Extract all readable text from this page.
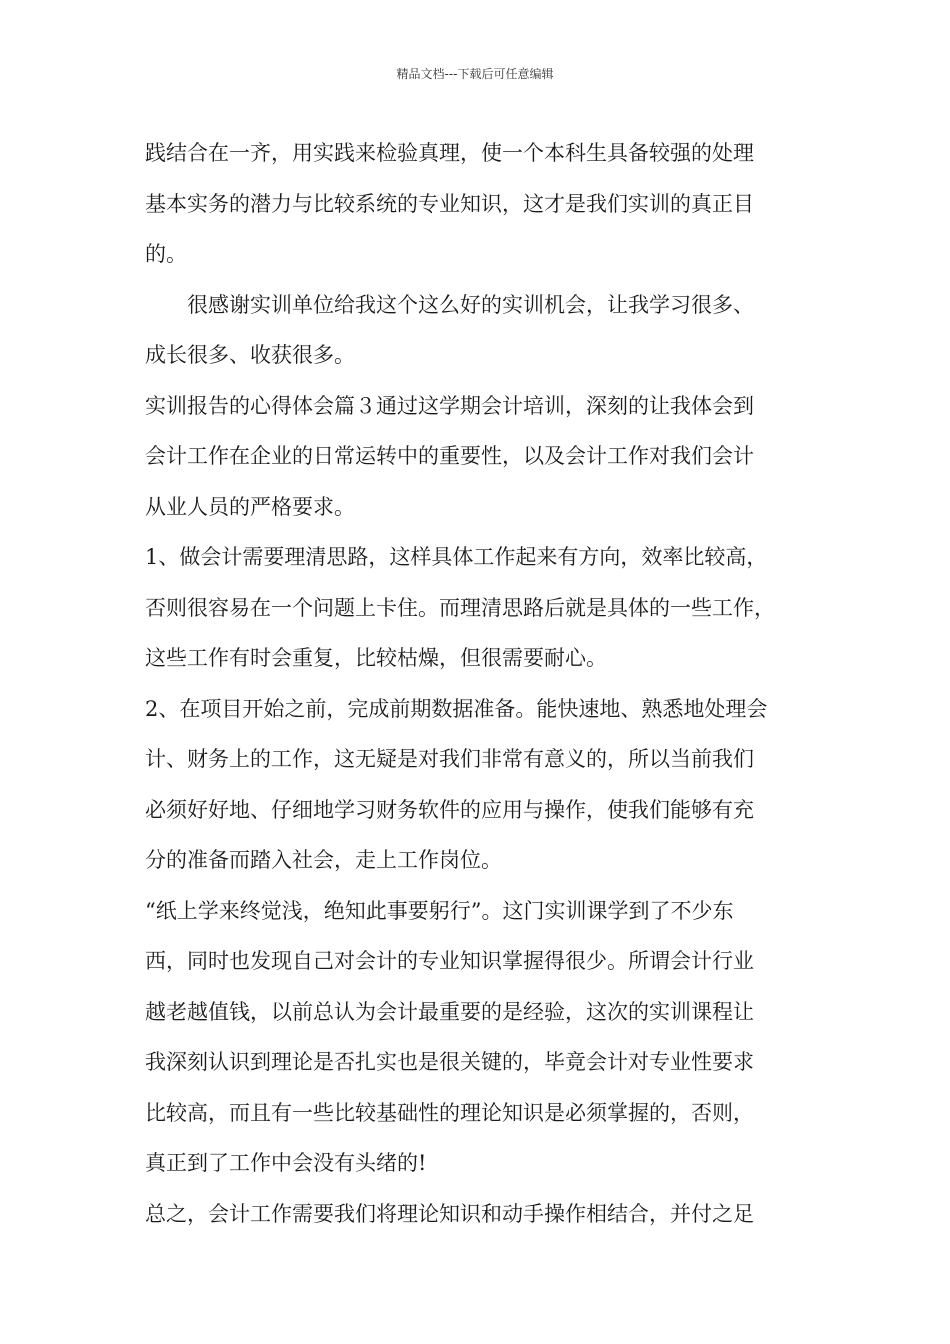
精品文档---下载后可任意编辑
践结合在一齐，用实践来检验真理，使一个本科生具备较强的处理
基本实务的潜力与比较系统的专业知识，这才是我们实训的真正目
的。
很感谢实训单位给我这个这么好的实训机会，让我学习很多、
成长很多、收获很多。
实训报告的心得体会篇３通过这学期会计培训，深刻的让我体会到
会计工作在企业的日常运转中的重要性，以及会计工作对我们会计
从业人员的严格要求。
1、做会计需要理清思路，这样具体工作起来有方向，效率比较高，
否则很容易在一个问题上卡住。而理清思路后就是具体的一些工作，
这些工作有时会重复，比较枯燥，但很需要耐心。
2、在项目开始之前，完成前期数据准备。能快速地、熟悉地处理会
计、财务上的工作，这无疑是对我们非常有意义的，所以当前我们
必须好好地、仔细地学习财务软件的应用与操作，使我们能够有充
分的准备而踏入社会，走上工作岗位。
“纸上学来终觉浅，绝知此事要躬行”。这门实训课学到了不少东
西，同时也发现自己对会计的专业知识掌握得很少。所谓会计行业
越老越值钱，以前总认为会计最重要的是经验，这次的实训课程让
我深刻认识到理论是否扎实也是很关键的，毕竟会计对专业性要求
比较高，而且有一些比较基础性的理论知识是必须掌握的，否则，
真正到了工作中会没有头绪的!
总之，会计工作需要我们将理论知识和动手操作相结合，并付之足
